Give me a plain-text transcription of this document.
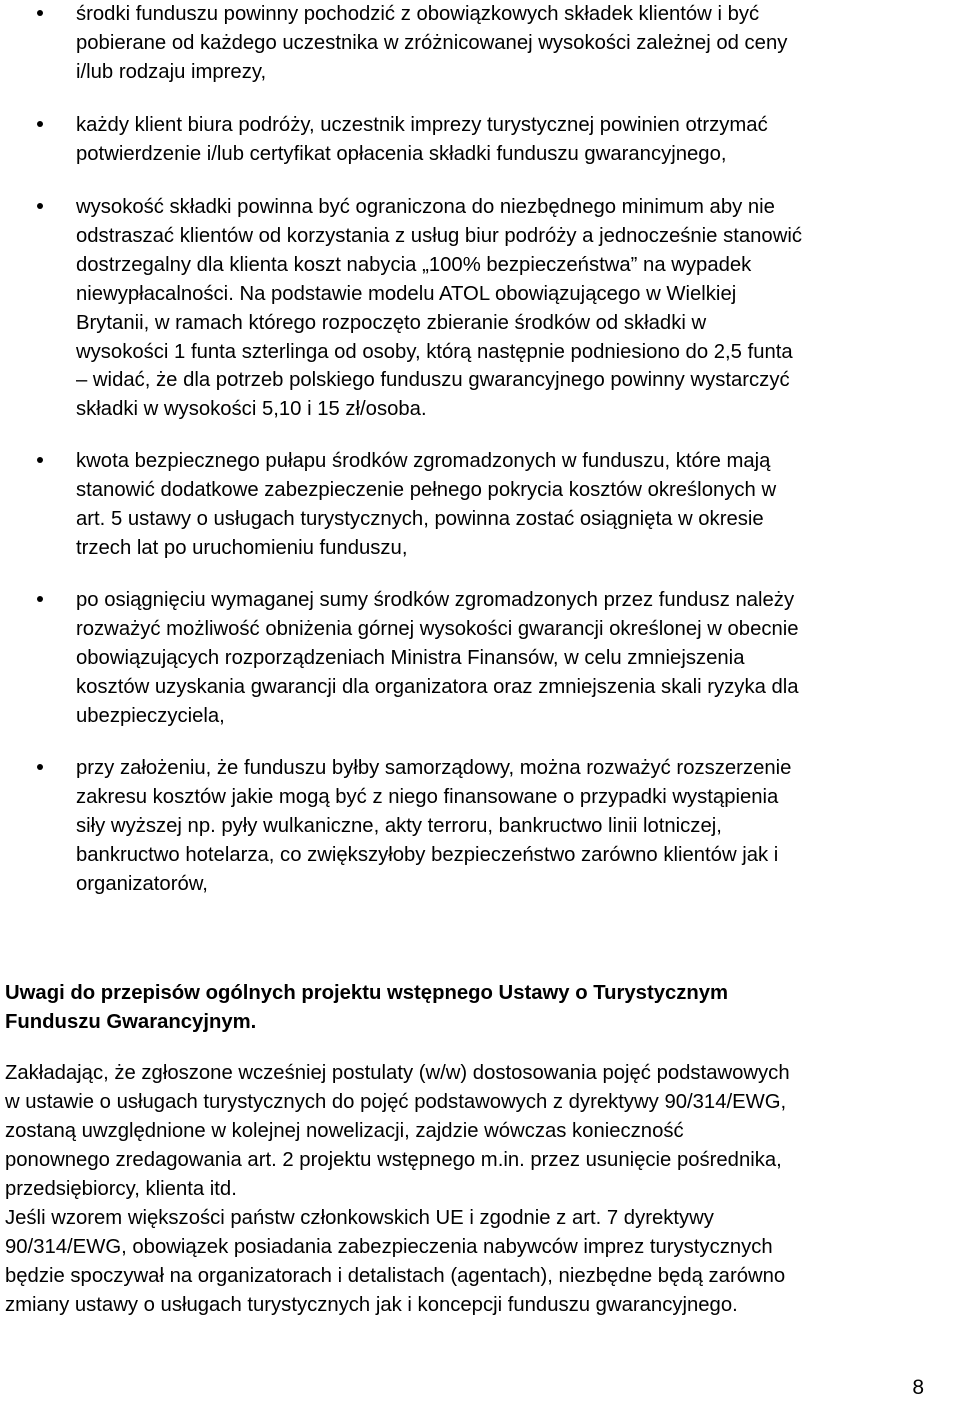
środki funduszu powinny pochodzić z obowiązkowych składek klientów i być
pobierane od każdego uczestnika w zróżnicowanej wysokości zależnej od ceny
i/lub rodzaju imprezy,
każdy klient biura podróży, uczestnik imprezy turystycznej powinien otrzymać
potwierdzenie i/lub certyfikat opłacenia składki funduszu gwarancyjnego,
wysokość składki powinna być ograniczona do niezbędnego minimum aby nie
odstraszać klientów od korzystania z usług biur podróży a jednocześnie stanowić
dostrzegalny dla klienta koszt nabycia „100% bezpieczeństwa” na wypadek
niewypłacalności. Na podstawie modelu ATOL obowiązującego w Wielkiej
Brytanii, w ramach którego rozpoczęto zbieranie środków od składki w
wysokości 1 funta szterlinga od osoby, którą następnie podniesiono do 2,5 funta
– widać, że dla potrzeb polskiego funduszu gwarancyjnego powinny wystarczyć
składki w wysokości 5,10 i 15 zł/osoba.
kwota bezpiecznego pułapu środków zgromadzonych w funduszu, które mają
stanowić dodatkowe zabezpieczenie pełnego pokrycia kosztów określonych w
art. 5 ustawy o usługach turystycznych, powinna zostać osiągnięta w okresie
trzech lat po uruchomieniu funduszu,
po osiągnięciu wymaganej sumy środków zgromadzonych przez fundusz należy
rozważyć możliwość obniżenia górnej wysokości gwarancji określonej w obecnie
obowiązujących rozporządzeniach Ministra Finansów, w celu zmniejszenia
kosztów uzyskania gwarancji dla organizatora oraz zmniejszenia skali ryzyka dla
ubezpieczyciela,
przy założeniu, że funduszu byłby samorządowy, można rozważyć rozszerzenie
zakresu kosztów jakie mogą być z niego finansowane o przypadki wystąpienia
siły wyższej np. pyły wulkaniczne, akty terroru, bankructwo linii lotniczej,
bankructwo hotelarza, co zwiększyłoby bezpieczeństwo zarówno klientów jak i
organizatorów,
Uwagi do przepisów ogólnych projektu wstępnego Ustawy o Turystycznym
Funduszu Gwarancyjnym.
Zakładając, że zgłoszone wcześniej postulaty (w/w) dostosowania pojęć podstawowych
w ustawie o usługach turystycznych do pojęć podstawowych z dyrektywy 90/314/EWG,
zostaną uwzględnione w kolejnej nowelizacji, zajdzie wówczas konieczność
ponownego zredagowania art. 2 projektu wstępnego m.in. przez usunięcie pośrednika,
przedsiębiorcy, klienta itd.
Jeśli wzorem większości państw członkowskich UE i zgodnie z art. 7 dyrektywy
90/314/EWG, obowiązek posiadania zabezpieczenia nabywców imprez turystycznych
będzie spoczywał na organizatorach i detalistach (agentach), niezbędne będą zarówno
zmiany ustawy o usługach turystycznych jak i koncepcji funduszu gwarancyjnego.
8
